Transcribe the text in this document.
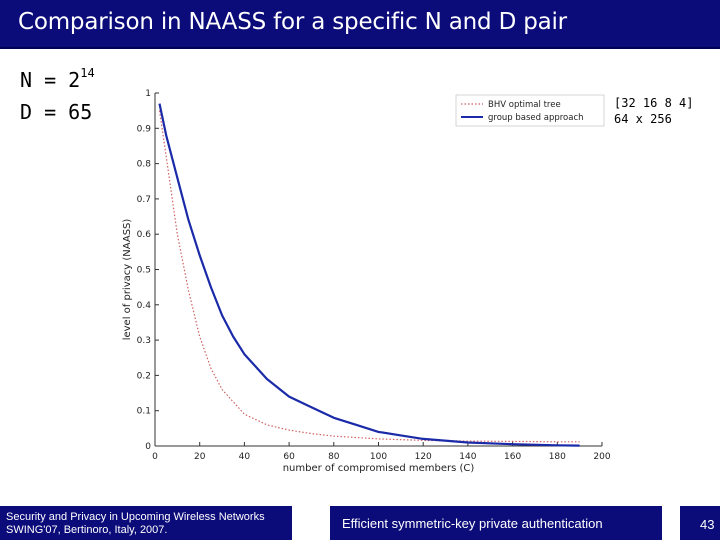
Comparison in NAASS for a specific N and D pair
$N = 2^{14}$
D = 65	[32 16 8 4]
64 x 256
0	20	40	60	80	100	120	140	160	180	200
0
0.1
0.2
0.3
0.4
0.5
0.6
0.7
0.8
0.9
1
number of compromised members (C)
level of privacy (NAASS)
BHV optimal tree
group based approach
Security and Privacy in Upcoming Wireless Networks
SWING'07, Bertinoro, Italy, 2007.	Efficient symmetric-key private authentication	43
